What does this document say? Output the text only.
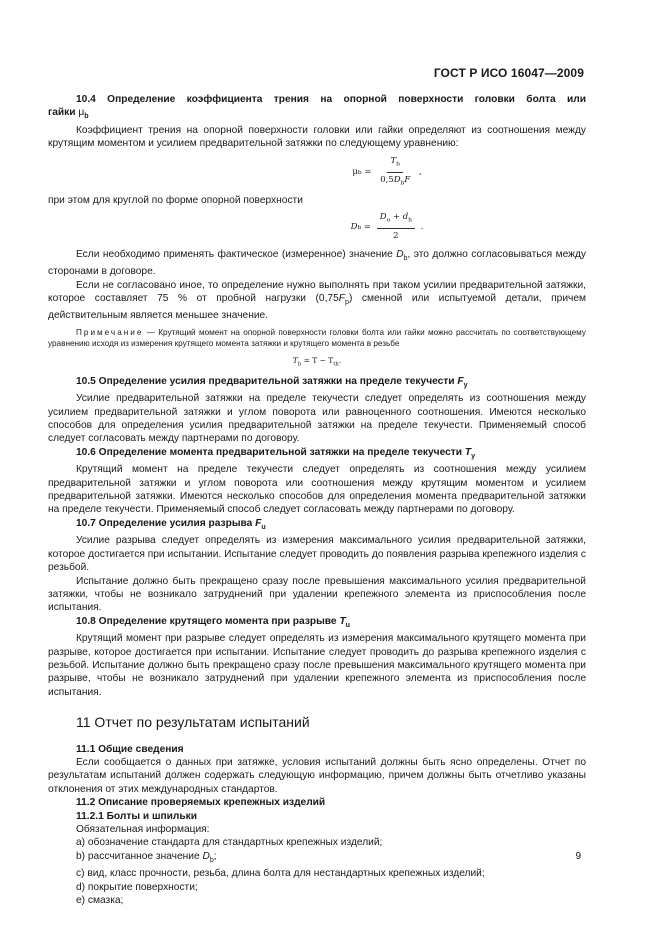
ГОСТ Р ИСО 16047—2009

10.4 Определение коэффициента трения на опорной поверхности головки болта или

гайки $\mu_b$

Коэффициент трения на опорной поверхности головки или гайки определяют из соотношения между крутящим моментом и усилием предварительной затяжки по следующему уравнению:

μ $b = \frac{T_b}{0,5D_bF}$ ,

при этом для круглой по форме опорной поверхности

D $b = \frac{D_o + d_h}{2}$ .

Если необходимо применять фактическое (измеренное) значение $D_b$, это должно согласовываться между сторонами в договоре.

Если не согласовано иное, то определение нужно выполнять при таком усилии предварительной затяжки, которое составляет 75 % от пробной нагрузки $(0,75F_p)$ сменной или испытуемой детали, причем действительным является меньшее значение.

Примечание — Крутящий момент на опорной поверхности головки болта или гайки можно рассчитать по соответствующему уравнению исходя из измерения крутящего момента затяжки и крутящего момента в резьбе

$T_b = T - T_{th}$.

10.5 Определение усилия предварительной затяжки на пределе текучести $F_y$

Усилие предварительной затяжки на пределе текучести следует определять из соотношения между усилием предварительной затяжки и углом поворота или равноценного соотношения. Имеются несколько способов для определения усилия предварительной затяжки на пределе текучести. Применяемый способ следует согласовать между партнерами по договору.

10.6 Определение момента предварительной затяжки на пределе текучести $T_y$

Крутящий момент на пределе текучести следует определять из соотношения между усилием предварительной затяжки и углом поворота или соотношения между крутящим моментом и усилием предварительной затяжки. Имеются несколько способов для определения момента предварительной затяжки на пределе текучести. Применяемый способ следует согласовать между партнерами по договору.

10.7 Определение усилия разрыва $F_u$

Усилие разрыва следует определять из измерения максимального усилия предварительной затяжки, которое достигается при испытании. Испытание следует проводить до появления разрыва крепежного изделия с резьбой.

Испытание должно быть прекращено сразу после превышения максимального усилия предварительной затяжки, чтобы не возникало затруднений при удалении крепежного элемента из приспособления после испытания.

10.8 Определение крутящего момента при разрыве $T_u$

Крутящий момент при разрыве следует определять из измерения максимального крутящего момента при разрыве, которое достигается при испытании. Испытание следует проводить до разрыва крепежного изделия с резьбой. Испытание должно быть прекращено сразу после превышения максимального крутящего момента при разрыве, чтобы не возникало затруднений при удалении крепежного элемента из приспособления после испытания.

11 Отчет по результатам испытаний

11.1 Общие сведения

Если сообщается о данных при затяжке, условия испытаний должны быть ясно определены. Отчет по результатам испытаний должен содержать следующую информацию, причем должны быть отчетливо указаны отклонения от этих международных стандартов.

11.2 Описание проверяемых крепежных изделий

11.2.1 Болты и шпильки

Обязательная информация:

a) обозначение стандарта для стандартных крепежных изделий;

b) рассчитанное значение $D_b$;

c) вид, класс прочности, резьба, длина болта для нестандартных крепежных изделий;

d) покрытие поверхности;

e) смазка;

9
